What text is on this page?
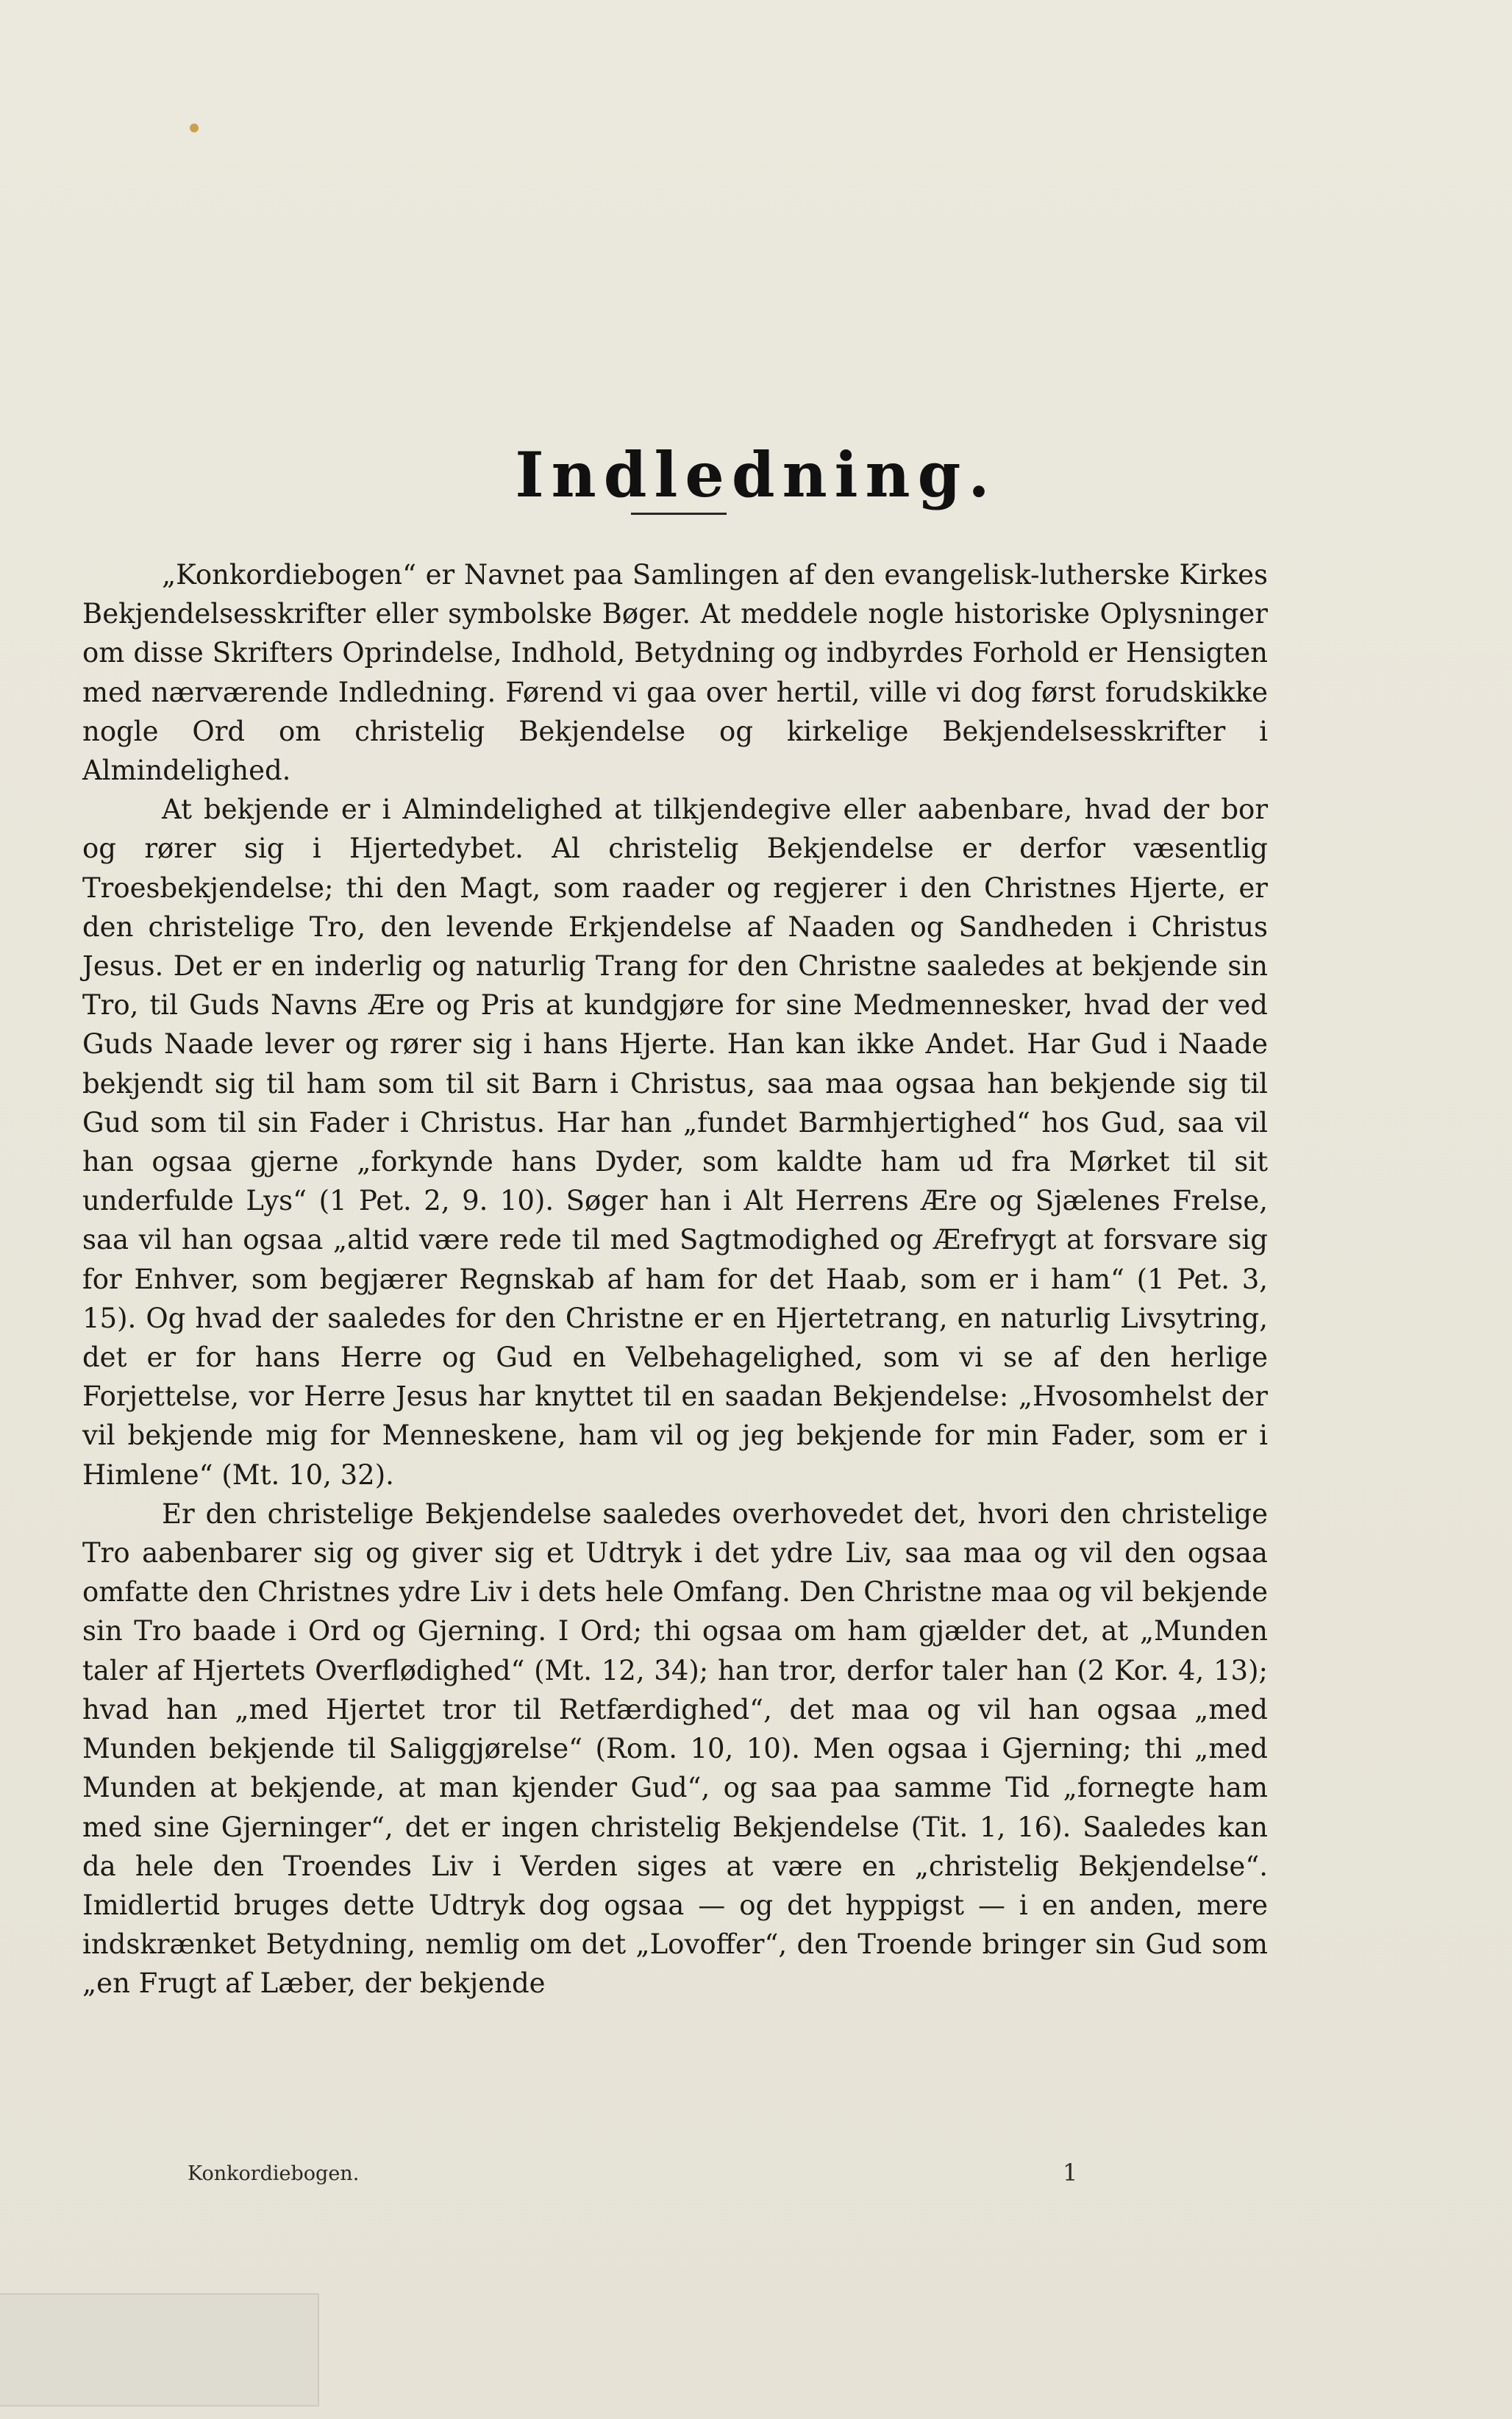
Indledning.

„Konkordiebogen“ er Navnet paa Samlingen af den evangelisk-lutherske Kirkes Bekjendelsesskrifter eller symbolske Bøger. At meddele nogle historiske Oplysninger om disse Skrifters Oprindelse, Indhold, Betydning og indbyrdes Forhold er Hensigten med nærværende Indledning. Førend vi gaa over hertil, ville vi dog først forudskikke nogle Ord om christelig Bekjendelse og kirkelige Bekjendelsesskrifter i Almindelighed.

At bekjende er i Almindelighed at tilkjendegive eller aabenbare, hvad der bor og rører sig i Hjertedybet. Al christelig Bekjendelse er derfor væsentlig Troesbekjendelse; thi den Magt, som raader og regjerer i den Christnes Hjerte, er den christelige Tro, den levende Erkjendelse af Naaden og Sandheden i Christus Jesus. Det er en inderlig og naturlig Trang for den Christne saaledes at bekjende sin Tro, til Guds Navns Ære og Pris at kundgjøre for sine Medmennesker, hvad der ved Guds Naade lever og rører sig i hans Hjerte. Han kan ikke Andet. Har Gud i Naade bekjendt sig til ham som til sit Barn i Christus, saa maa ogsaa han bekjende sig til Gud som til sin Fader i Christus. Har han „fundet Barmhjertighed“ hos Gud, saa vil han ogsaa gjerne „forkynde hans Dyder, som kaldte ham ud fra Mørket til sit underfulde Lys“ (1 Pet. 2, 9. 10). Søger han i Alt Herrens Ære og Sjælenes Frelse, saa vil han ogsaa „altid være rede til med Sagtmodighed og Ærefrygt at forsvare sig for Enhver, som begjærer Regnskab af ham for det Haab, som er i ham“ (1 Pet. 3, 15). Og hvad der saaledes for den Christne er en Hjertetrang, en naturlig Livsytring, det er for hans Herre og Gud en Velbehagelighed, som vi se af den herlige Forjettelse, vor Herre Jesus har knyttet til en saadan Bekjendelse: „Hvosomhelst der vil bekjende mig for Menneskene, ham vil og jeg bekjende for min Fader, som er i Himlene“ (Mt. 10, 32).

Er den christelige Bekjendelse saaledes overhovedet det, hvori den christelige Tro aabenbarer sig og giver sig et Udtryk i det ydre Liv, saa maa og vil den ogsaa omfatte den Christnes ydre Liv i dets hele Omfang. Den Christne maa og vil bekjende sin Tro baade i Ord og Gjerning. I Ord; thi ogsaa om ham gjælder det, at „Munden taler af Hjertets Overflødighed“ (Mt. 12, 34); han tror, derfor taler han (2 Kor. 4, 13); hvad han „med Hjertet tror til Retfærdighed“, det maa og vil han ogsaa „med Munden bekjende til Saliggjørelse“ (Rom. 10, 10). Men ogsaa i Gjerning; thi „med Munden at bekjende, at man kjender Gud“, og saa paa samme Tid „fornegte ham med sine Gjerninger“, det er ingen christelig Bekjendelse (Tit. 1, 16). Saaledes kan da hele den Troendes Liv i Verden siges at være en „christelig Bekjendelse“. Imidlertid bruges dette Udtryk dog ogsaa — og det hyppigst — i en anden, mere indskrænket Betydning, nemlig om det „Lovoffer“, den Troende bringer sin Gud som „en Frugt af Læber, der bekjende

Konkordiebogen.	1
